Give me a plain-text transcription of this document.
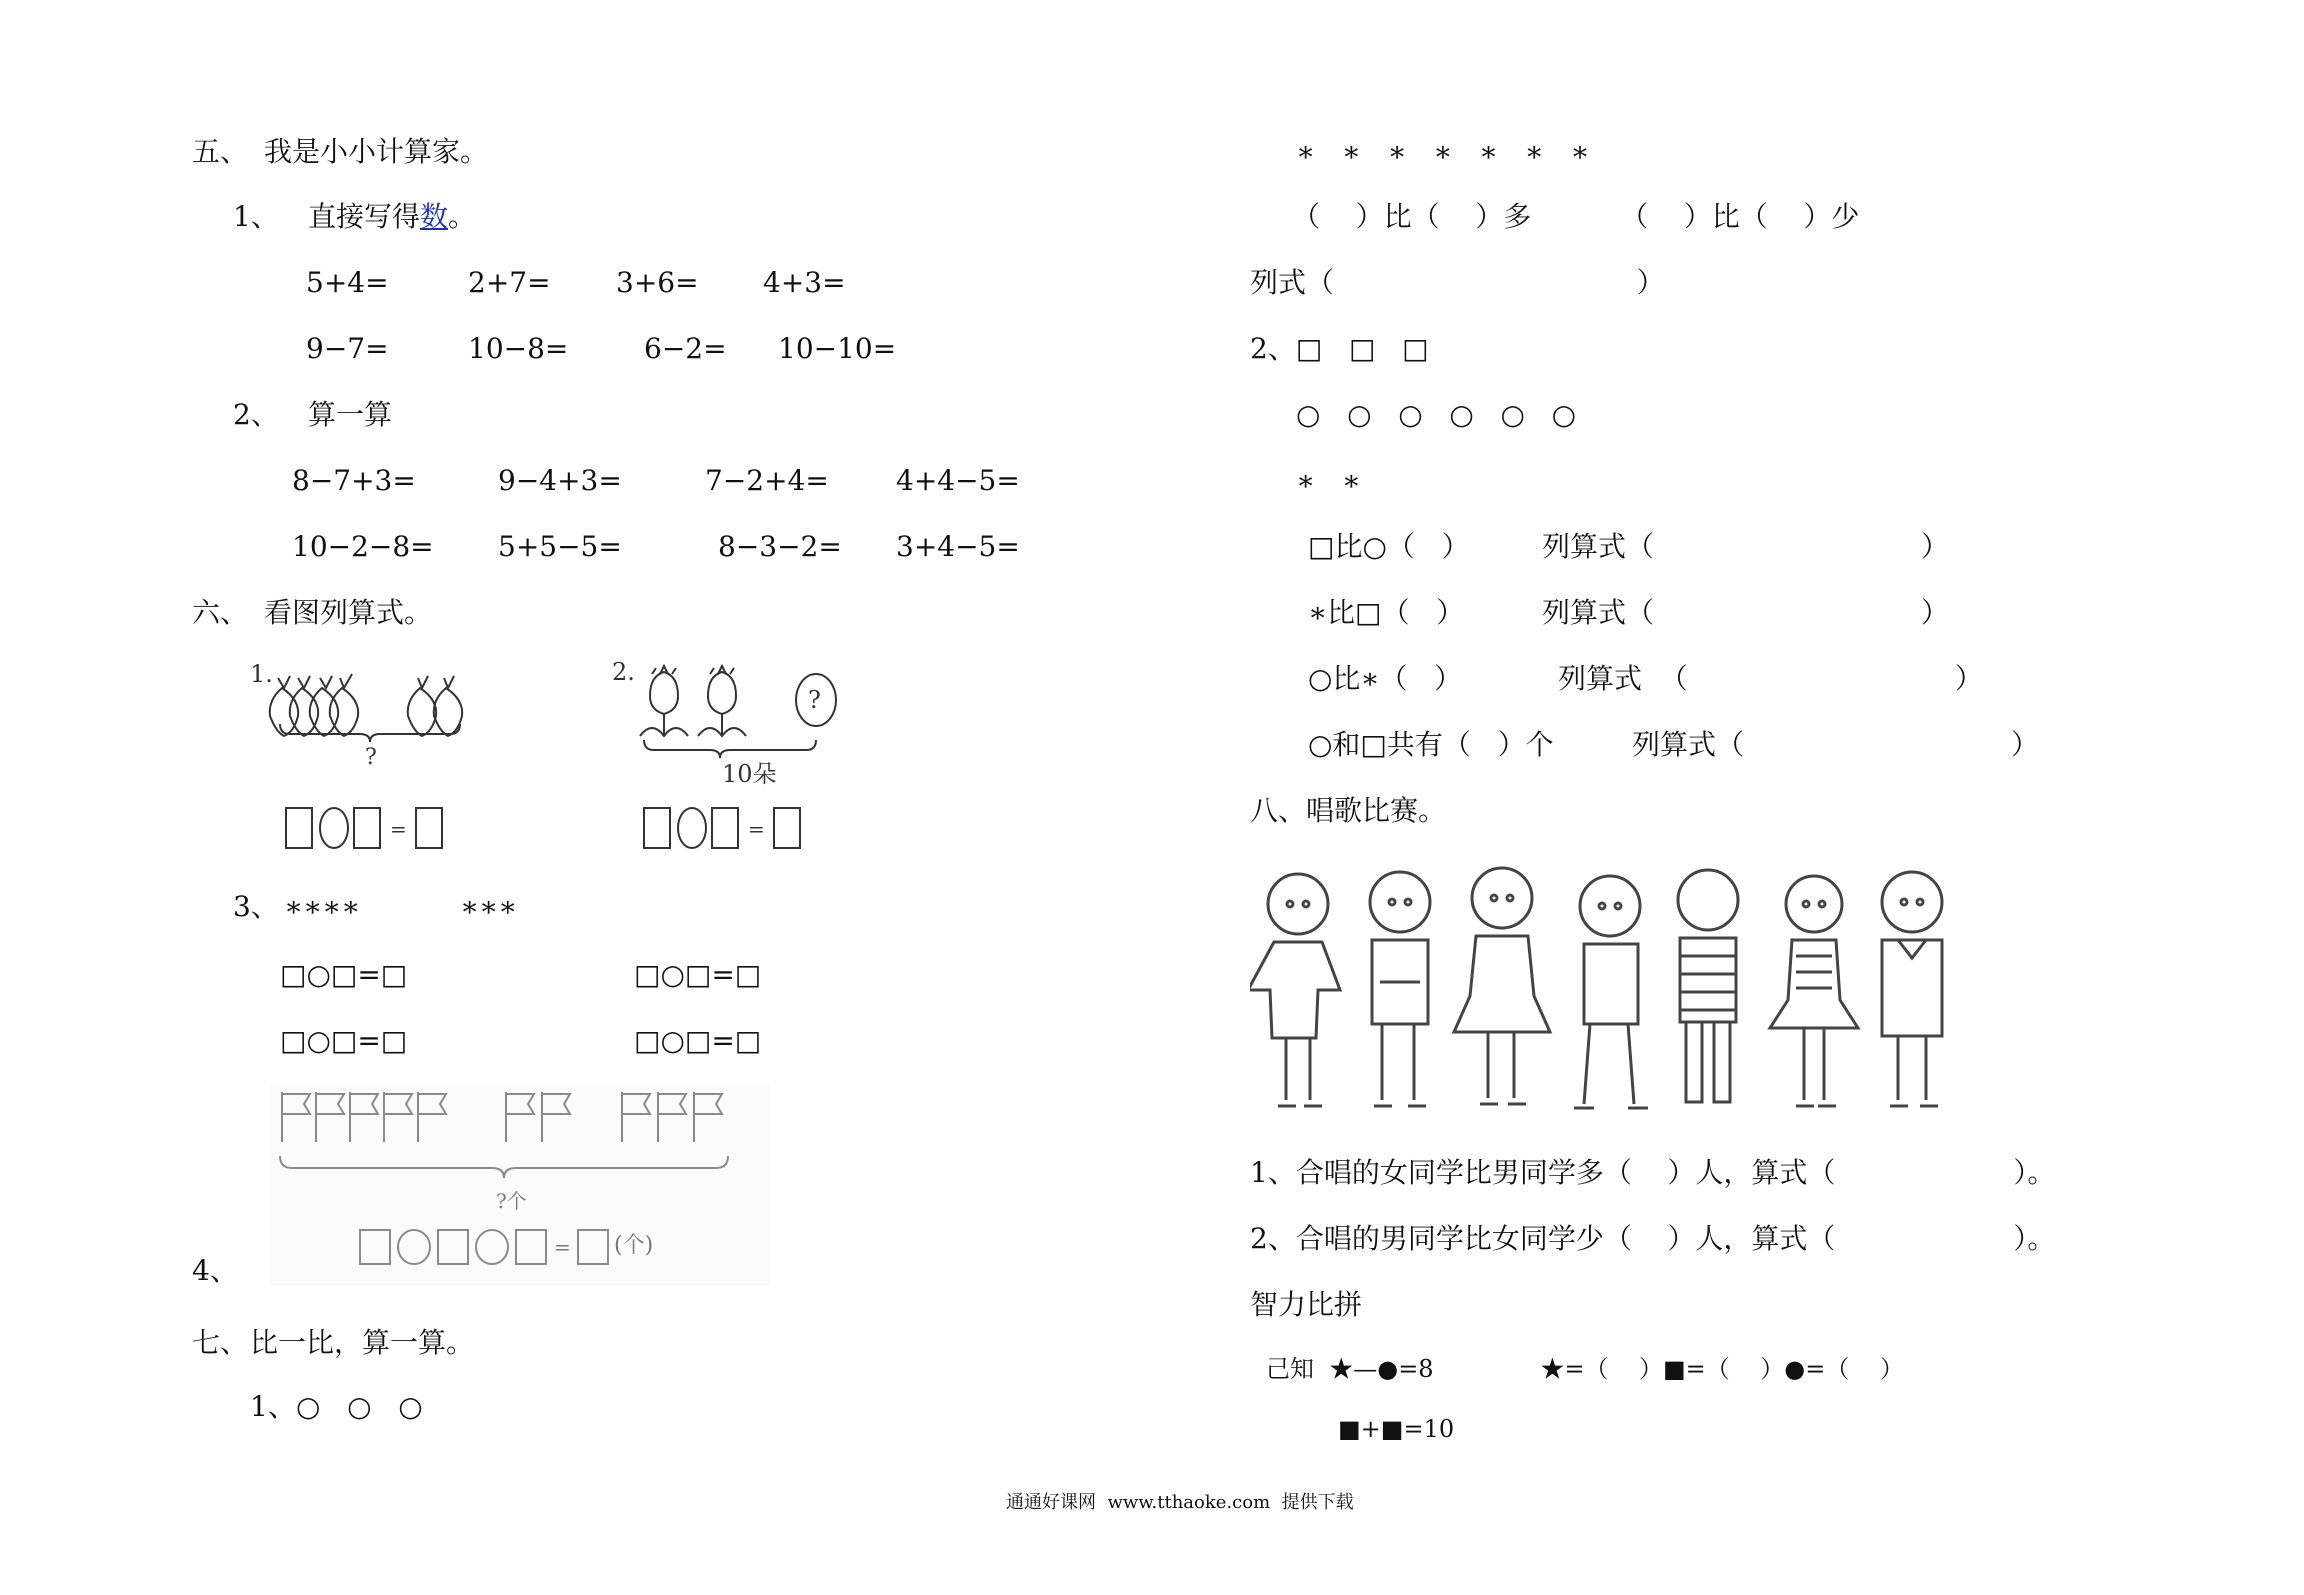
五、 我是小小计算家。
1、 直接写得数。
5+4=	2+7= 3+6= 4+3=
9−7=	10−8=	6−2= 10−10=
2、 算一算
8−7+3=	9−4+3=	7−2+4= 4+4−5=
10−2−8= 5+5−5=	8−3−2= 3+4−5=
六、 看图列算式。
1.
?
=
2.
?
10朵
=
3、 ∗∗∗∗	∗∗∗
□○□=□	□○□=□
□○□=□	□○□=□
?个
= (个)
4、
七、 比一比，算一算。
1、 ○   ○   ○
∗   ∗   ∗   ∗   ∗   ∗   ∗
（    ）比（    ）多          （    ）比（    ）少
列式（                                  ）
2、□   □   □
○   ○   ○   ○   ○   ○
∗   ∗
□比○（   ）	列算式（                              ）
∗比□（   ）	列算式（                              ）
○比∗（   ）	列算式  （                              ）
○和□共有（   ）个	列算式（                              ）
八、唱歌比赛。
1、合唱的女同学比男同学多（    ）人，算式（                    ）。
2、合唱的男同学比女同学少（    ）人，算式（                    ）。
智力比拼
己知  ★—●=8              ★=（    ）■=（    ）●=（    ）
■+■=10
通通好课网  www.tthaoke.com  提供下载
